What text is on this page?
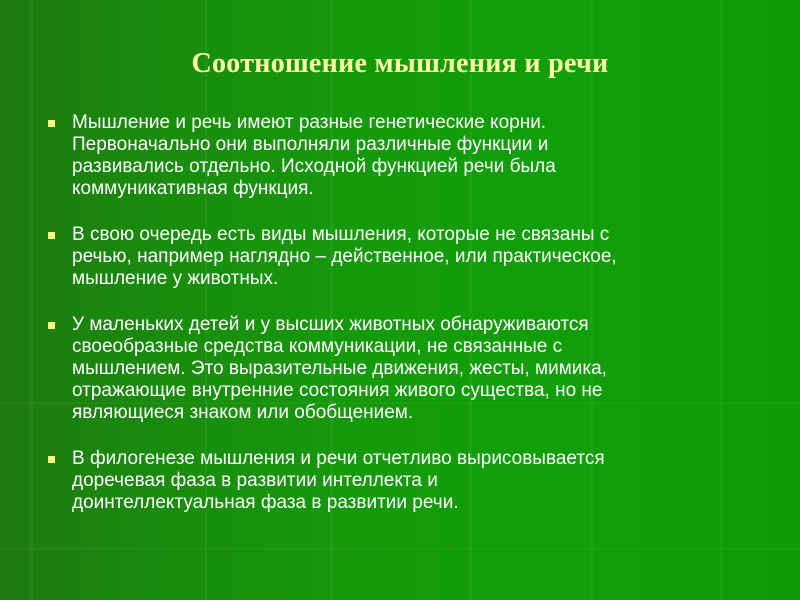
Соотношение мышления и речи
Мышление и речь имеют разные генетические корни.
Первоначально они выполняли различные функции и
развивались отдельно. Исходной функцией речи была
коммуникативная функция.
В свою очередь есть виды мышления, которые не связаны с
речью, например наглядно – действенное, или практическое,
мышление у животных.
У маленьких детей и у высших животных обнаруживаются
своеобразные средства коммуникации, не связанные с
мышлением. Это выразительные движения, жесты, мимика,
отражающие внутренние состояния живого существа, но не
являющиеся знаком или обобщением.
В филогенезе мышления и речи отчетливо вырисовывается
доречевая фаза в развитии интеллекта и
доинтеллектуальная фаза в развитии речи.
